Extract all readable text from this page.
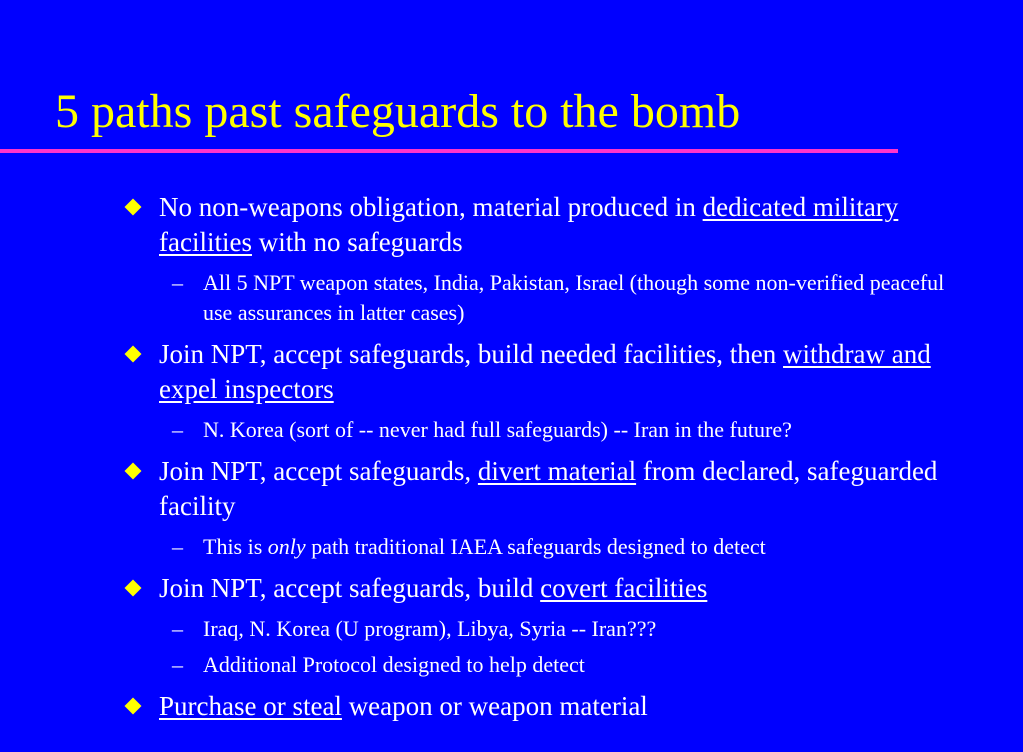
5 paths past safeguards to the bomb
No non-weapons obligation, material produced in dedicated military facilities with no safeguards
– All 5 NPT weapon states, India, Pakistan, Israel (though some non-verified peaceful use assurances in latter cases)
Join NPT, accept safeguards, build needed facilities, then withdraw and expel inspectors
– N. Korea (sort of -- never had full safeguards) -- Iran in the future?
Join NPT, accept safeguards, divert material from declared, safeguarded facility
– This is only path traditional IAEA safeguards designed to detect
Join NPT, accept safeguards, build covert facilities
– Iraq, N. Korea (U program), Libya, Syria -- Iran???
– Additional Protocol designed to help detect
Purchase or steal weapon or weapon material
